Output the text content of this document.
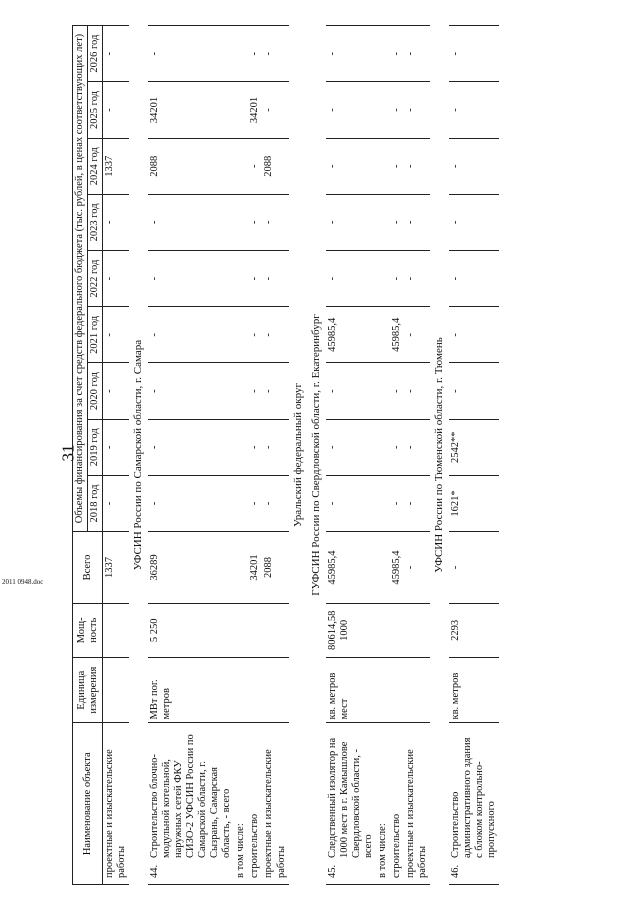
31
Наименование объекта	Единица измерения	Мощ-ность	Всего	Объемы финансирования за счет средств федерального бюджета (тыс. рублей, в ценах соответствующих лет)								
				2018 год	2019 год	2020 год	2021 год	2022 год	2023 год	2024 год	2025 год	2026 год
проектные и изыскательские работы			1337	-	-	-	-	-	-	1337	-	-
УФСИН России по Самарской области, г. Самара												
44.Строительство блочно-модульной котельной, наружных сетей ФКУ СИЗО-2 УФСИН России по Самарской области, г. Сызрань, Самарская область, - всего	МВт пог. метров	5 250	36289	-	-	-	-	-	-	2088	34201	-
в том числе:												
строительство			34201	-	-	-	-	-	-	-	34201	-
проектные и изыскательские работы			2088	-	-	-	-	-	-	2088	-	-
Уральский федеральный округ												
ГУФСИН России по Свердловской области, г. Екатеринбург												
45.Следственный изолятор на 1000 мест в г. Камышлове Свердловской области, - всего	кв. метров мест	80614,58 1000	45985,4	-	-	-	45985,4	-	-	-	-	-
в том числе:												
строительство			45985,4	-	-	-	45985,4	-	-	-	-	-
проектные и изыскательские работы			-	-	-	-	-	-	-	-	-	-
УФСИН России по Тюменской области, г. Тюмень												
46.Строительство административного здания с блоком контрольно-пропускного	кв. метров	2293	-	1621*	2542**	-	-	-	-	-	-	-
2011 0948.doc
